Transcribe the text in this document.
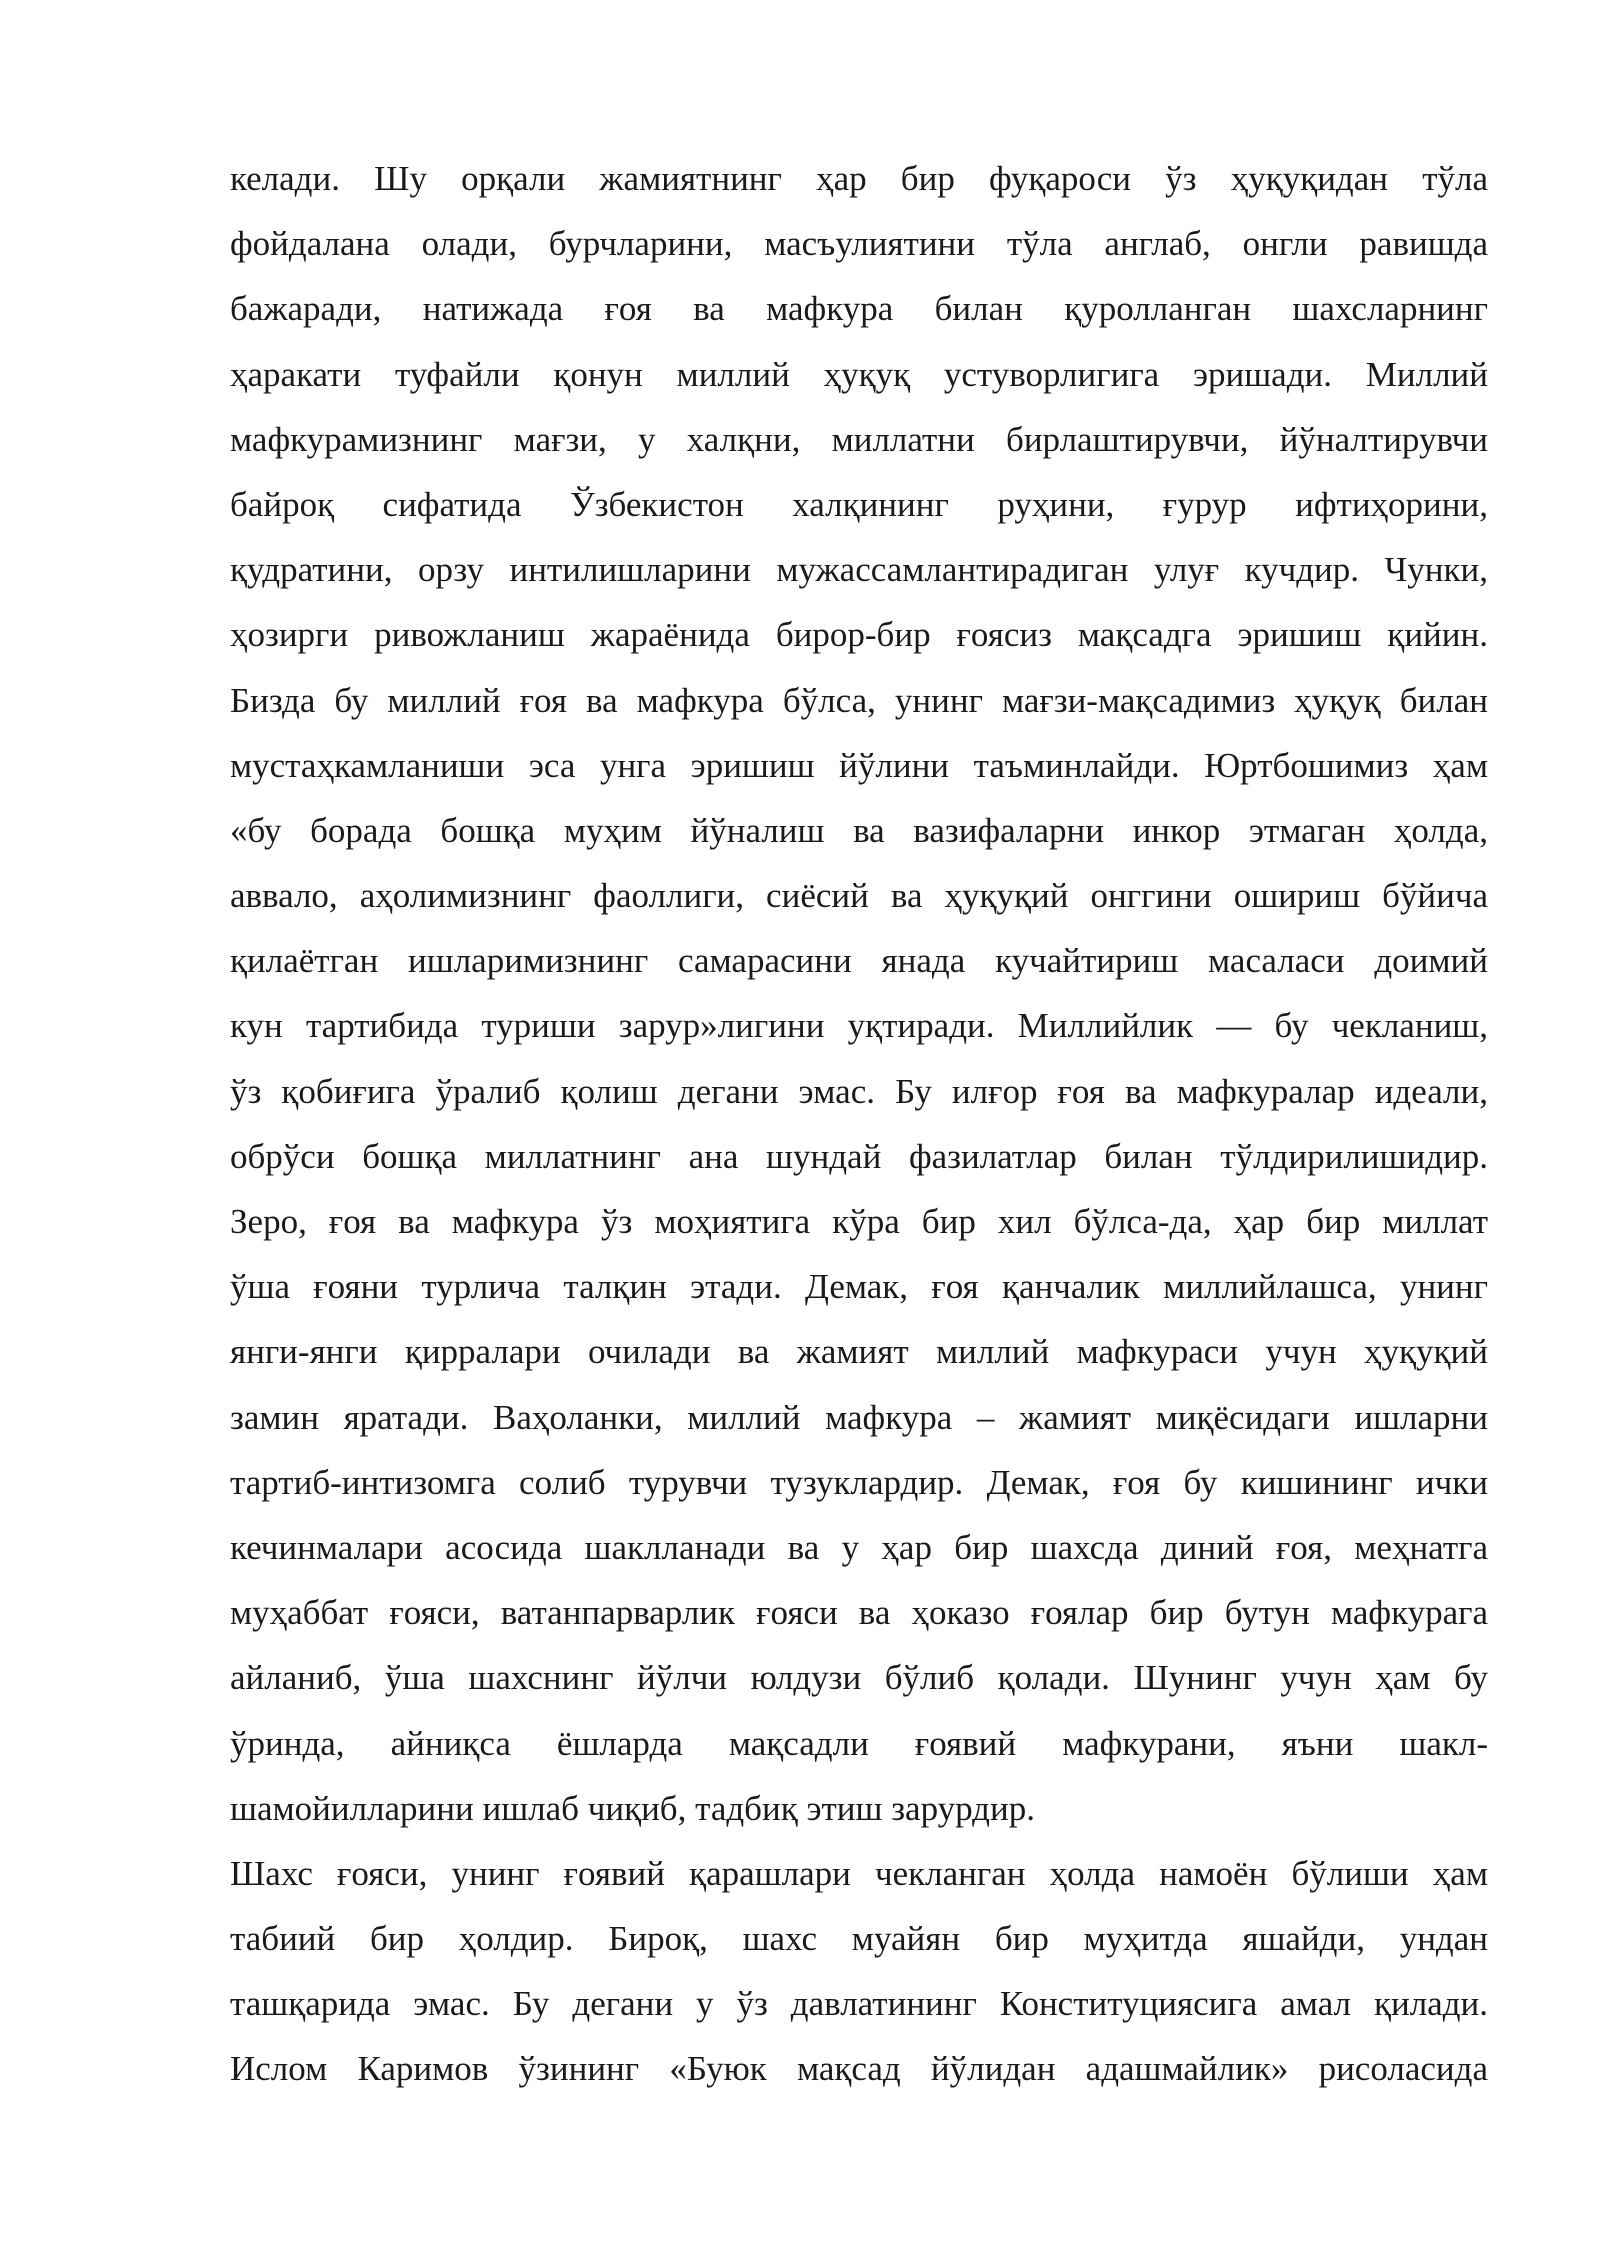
келади. Шу орқали жамиятнинг ҳар бир фуқароси ўз ҳуқуқидан тўла
фойдалана олади, бурчларини, масъулиятини тўла англаб, онгли равишда
бажаради, натижада ғоя ва мафкура билан қуролланган шахсларнинг
ҳаракати туфайли қонун миллий ҳуқуқ устуворлигига эришади. Миллий
мафкурамизнинг мағзи, у халқни, миллатни бирлаштирувчи, йўналтирувчи
байроқ сифатида Ўзбекистон халқининг руҳини, ғурур ифтиҳорини,
қудратини, орзу интилишларини мужассамлантирадиган улуғ кучдир. Чунки,
ҳозирги ривожланиш жараёнида бирор-бир ғоясиз мақсадга эришиш қийин.
Бизда бу миллий ғоя ва мафкура бўлса, унинг мағзи-мақсадимиз ҳуқуқ билан
мустаҳкамланиши эса унга эришиш йўлини таъминлайди. Юртбошимиз ҳам
«бу борада бошқа муҳим йўналиш ва вазифаларни инкор этмаган ҳолда,
аввало, аҳолимизнинг фаоллиги, сиёсий ва ҳуқуқий онггини ошириш бўйича
қилаётган ишларимизнинг самарасини янада кучайтириш масаласи доимий
кун тартибида туриши зарур»лигини уқтиради. Миллийлик — бу чекланиш,
ўз қобиғига ўралиб қолиш дегани эмас. Бу илғор ғоя ва мафкуралар идеали,
обрўси бошқа миллатнинг ана шундай фазилатлар билан тўлдирилишидир.
Зеро, ғоя ва мафкура ўз моҳиятига кўра бир хил бўлса-да, ҳар бир миллат
ўша ғояни турлича талқин этади. Демак, ғоя қанчалик миллийлашса, унинг
янги-янги қирралари очилади ва жамият миллий мафкураси учун ҳуқуқий
замин яратади. Ваҳоланки, миллий мафкура – жамият миқёсидаги ишларни
тартиб-интизомга солиб турувчи тузуклардир. Демак, ғоя бу кишининг ички
кечинмалари асосида шаклланади ва у ҳар бир шахсда диний ғоя, меҳнатга
муҳаббат ғояси, ватанпарварлик ғояси ва ҳоказо ғоялар бир бутун мафкурага
айланиб, ўша шахснинг йўлчи юлдузи бўлиб қолади. Шунинг учун ҳам бу
ўринда, айниқса ёшларда мақсадли ғоявий мафкурани, яъни шакл-
шамойилларини ишлаб чиқиб, тадбиқ этиш зарурдир.
Шахс ғояси, унинг ғоявий қарашлари чекланган ҳолда намоён бўлиши ҳам
табиий бир ҳолдир. Бироқ, шахс муайян бир муҳитда яшайди, ундан
ташқарида эмас. Бу дегани у ўз давлатининг Конституциясига амал қилади.
Ислом Каримов ўзининг «Буюк мақсад йўлидан адашмайлик» рисоласида
